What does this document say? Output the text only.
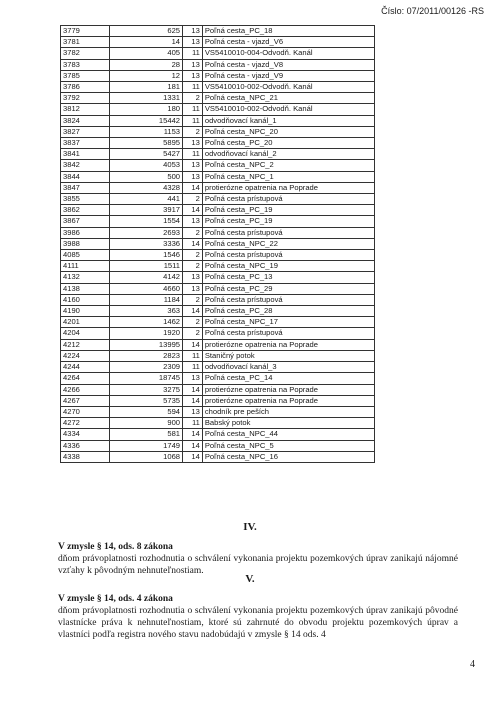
Číslo: 07/2011/00126 -RS
3779	625	13	Poľná cesta_PC_18
3781	14	13	Poľná cesta - vjazd_V6
3782	405	11	VS5410010-004-Odvodň. Kanál
3783	28	13	Poľná cesta - vjazd_V8
3785	12	13	Poľná cesta - vjazd_V9
3786	181	11	VS5410010-002-Odvodň. Kanál
3792	1331	2	Poľná cesta_NPC_21
3812	180	11	VS5410010-002-Odvodň. Kanál
3824	15442	11	odvodňovací kanál_1
3827	1153	2	Poľná cesta_NPC_20
3837	5895	13	Poľná cesta_PC_20
3841	5427	11	odvodňovací kanál_2
3842	4053	13	Poľná cesta_NPC_2
3844	500	13	Poľná cesta_NPC_1
3847	4328	14	protierózne opatrenia na Poprade
3855	441	2	Poľná cesta prístupová
3862	3917	14	Poľná cesta_PC_19
3867	1554	13	Poľná cesta_PC_19
3986	2693	2	Poľná cesta prístupová
3988	3336	14	Poľná cesta_NPC_22
4085	1546	2	Poľná cesta prístupová
4111	1511	2	Poľná cesta_NPC_19
4132	4142	13	Poľná cesta_PC_13
4138	4660	13	Poľná cesta_PC_29
4160	1184	2	Poľná cesta prístupová
4190	363	14	Poľná cesta_PC_28
4201	1462	2	Poľná cesta_NPC_17
4204	1920	2	Poľná cesta prístupová
4212	13995	14	protierózne opatrenia na Poprade
4224	2823	11	Staničný potok
4244	2309	11	odvodňovací kanál_3
4264	18745	13	Poľná cesta_PC_14
4266	3275	14	protierózne opatrenia na Poprade
4267	5735	14	protierózne opatrenia na Poprade
4270	594	13	chodník pre peších
4272	900	11	Babský potok
4334	581	14	Poľná cesta_NPC_44
4336	1749	14	Poľná cesta_NPC_5
4338	1068	14	Poľná cesta_NPC_16
IV.
V zmysle § 14, ods. 8 zákona
dňom právoplatnosti rozhodnutia o schválení vykonania projektu pozemkových úprav zanikajú nájomné vzťahy k pôvodným nehnuteľnostiam.
V.
V zmysle § 14, ods. 4 zákona
dňom právoplatnosti rozhodnutia o schválení vykonania projektu pozemkových úprav zanikajú pôvodné vlastnícke práva k nehnuteľnostiam, ktoré sú zahrnuté do obvodu projektu pozemkových úprav a vlastníci podľa registra nového stavu nadobúdajú v zmysle § 14 ods. 4
4
